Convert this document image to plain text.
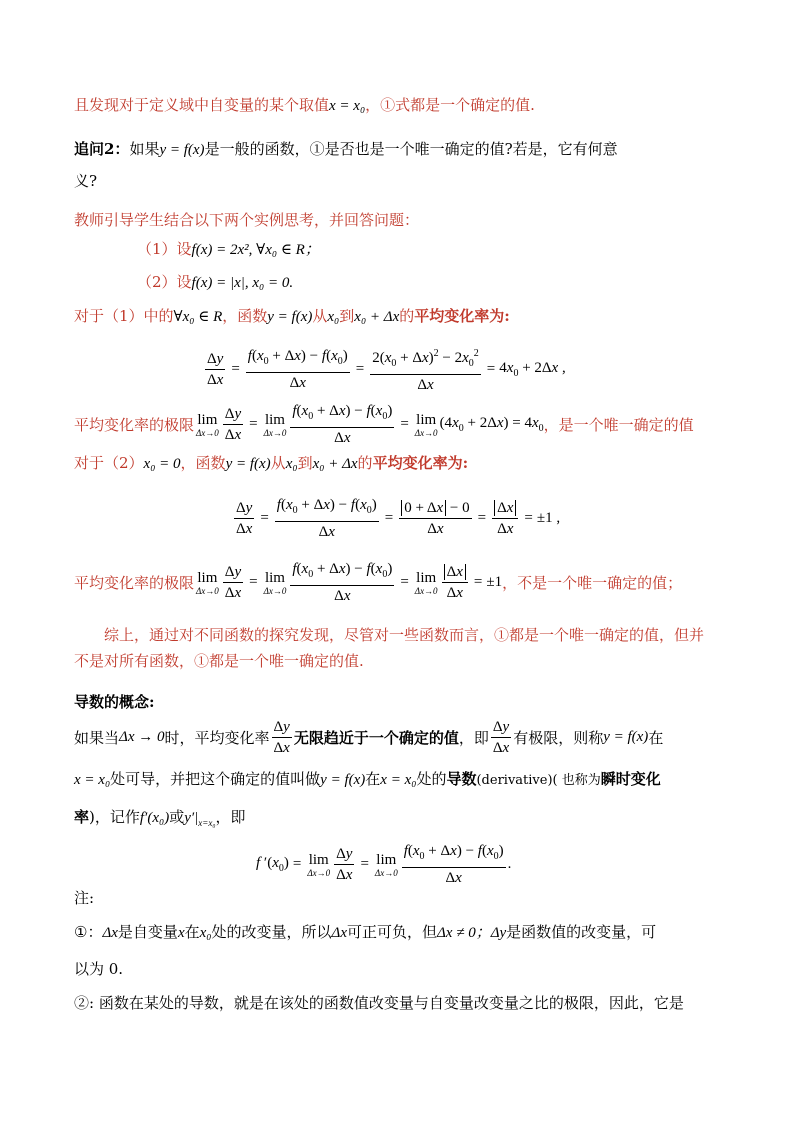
且发现对于定义域中自变量的某个取值x = x₀，①式都是一个确定的值.
追问2：如果y = f(x)是一般的函数，①是否也是一个唯一确定的值?若是，它有何意
义?
教师引导学生结合以下两个实例思考，并回答问题：
（1）设f(x) = 2x², ∀x₀ ∈ R；
（2）设f(x) = |x|, x₀ = 0.
对于（1）中的∀x₀ ∈ R，函数y = f(x)从x₀到x₀ + Δx的平均变化率为:
$\frac{\Delta y}{\Delta x} = \frac{f(x_0 + \Delta x) - f(x_0)}{\Delta x} = \frac{2(x_0 + \Delta x)^2 - 2x_0^2}{\Delta x} = 4x_0 + 2\Delta x$ ,
平均变化率的极限 lim
$\Delta x\to 0 \frac{\Delta y}{\Delta x} = \lim$
$\Delta x\to 0 \frac{f(x_0 + \Delta x) - f(x_0)}{\Delta x} = \lim$
Δx→0
$(4x_0 + 2\Delta x) = 4x_0$ ，是一个唯一确定的值
对于（2）x₀ = 0，函数y = f(x)从x₀到x₀ + Δx的平均变化率为:
$\frac{\Delta y}{\Delta x} = \frac{f(x_0 + \Delta x) - f(x_0)}{\Delta x} = \frac{0 + \Delta x - 0}{\Delta x} = \frac{\Delta x}{\Delta x} = \pm 1$ ,
平均变化率的极限 lim
$\Delta x\to 0 \frac{\Delta y}{\Delta x} = \lim$
$\Delta x\to 0 \frac{f(x_0 + \Delta x) - f(x_0)}{\Delta x} = \lim$
$\Delta x\to 0 \frac{\Delta x}{\Delta x} = \pm 1$ ，不是一个唯一确定的值；
综上，通过对不同函数的探究发现，尽管对一些函数而言，①都是一个唯一确定的值，但并
不是对所有函数，①都是一个唯一确定的值.
导数的概念:
如果当 Δx → 0 时，平均变化率 $\frac{\Delta y}{\Delta x}$ 无限趋近于一个确定的值 ，即 $\frac{\Delta y}{\Delta x}$ 有极限，则称 y = f(x) 在
x = x₀处可导，并把这个确定的值叫做y = f(x)在x = x₀处的导数(derivative)( 也称为瞬时变化
率)，记作f′(x₀)或$y'|_{x=x_0}$，即
f $'(x_0) = \lim$
$\Delta x\to 0 \frac{\Delta y}{\Delta x} = \lim$
$\Delta x\to 0 \frac{f(x_0 + \Delta x) - f(x_0)}{\Delta x}$ .
注:
①：Δx是自变量x在x₀处的改变量，所以Δx可正可负，但Δx ≠ 0；Δy是函数值的改变量，可
以为 0.
②: 函数在某处的导数，就是在该处的函数值改变量与自变量改变量之比的极限，因此，它是
